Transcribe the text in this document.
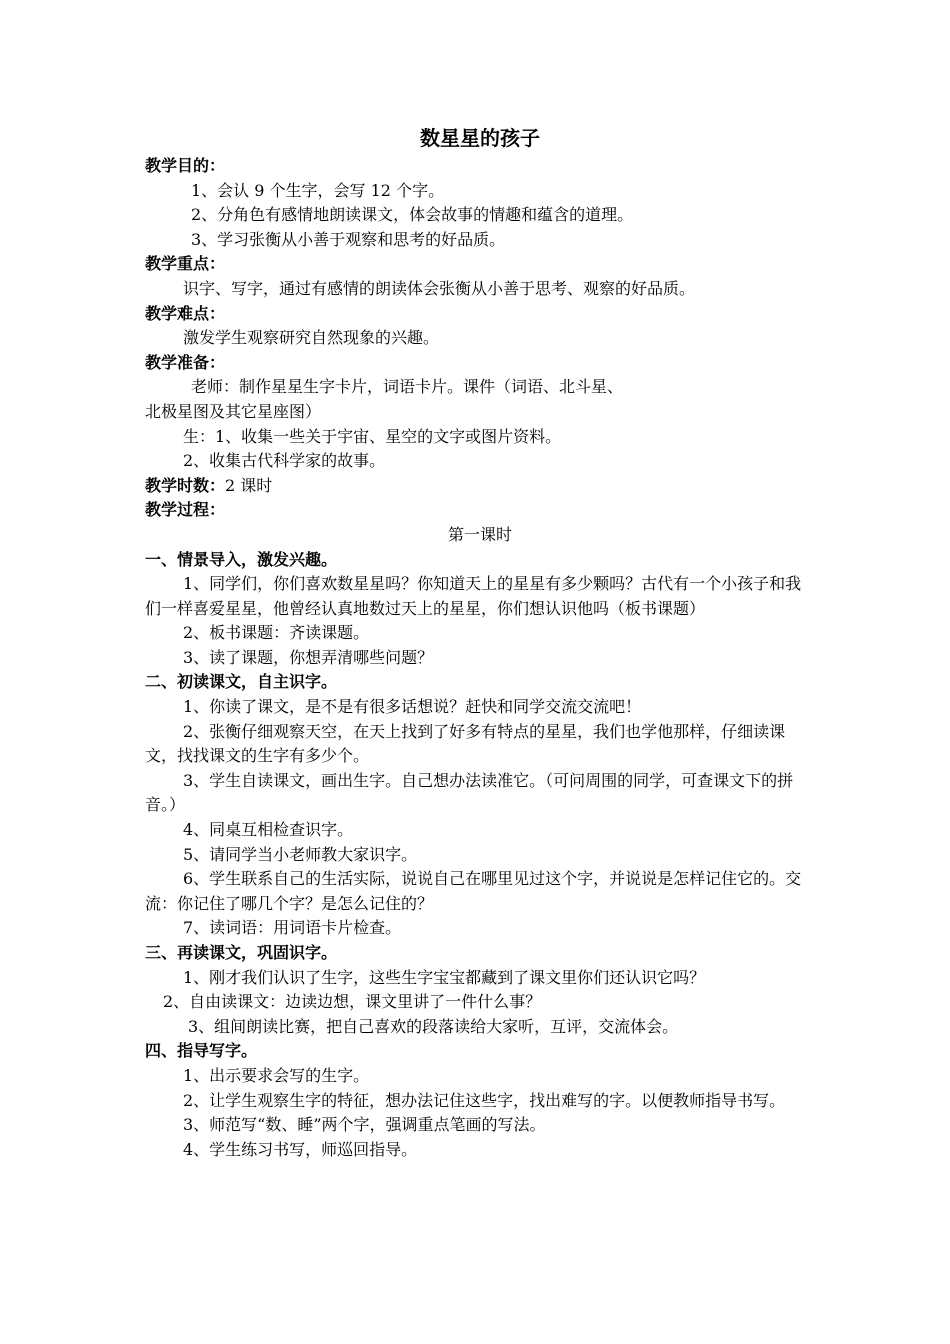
数星星的孩子
教学目的：
1、会认 9 个生字，会写 12 个字。
2、分角色有感情地朗读课文，体会故事的情趣和蕴含的道理。
3、学习张衡从小善于观察和思考的好品质。
教学重点：
识字、写字，通过有感情的朗读体会张衡从小善于思考、观察的好品质。
教学难点：
激发学生观察研究自然现象的兴趣。
教学准备：
老师：制作星星生字卡片，词语卡片。课件（词语、北斗星、
北极星图及其它星座图）
生：1、收集一些关于宇宙、星空的文字或图片资料。
2、收集古代科学家的故事。
教学时数：2 课时
教学过程：
第一课时
一、情景导入，激发兴趣。
1、同学们，你们喜欢数星星吗？你知道天上的星星有多少颗吗？古代有一个小孩子和我们一样喜爱星星，他曾经认真地数过天上的星星，你们想认识他吗（板书课题）
2、板书课题：齐读课题。
3、读了课题，你想弄清哪些问题？
二、初读课文，自主识字。
1、你读了课文，是不是有很多话想说？赶快和同学交流交流吧！
2、张衡仔细观察天空，在天上找到了好多有特点的星星，我们也学他那样，仔细读课文，找找课文的生字有多少个。
3、学生自读课文，画出生字。自己想办法读准它。（可问周围的同学，可查课文下的拼音。）
4、同桌互相检查识字。
5、请同学当小老师教大家识字。
6、学生联系自己的生活实际，说说自己在哪里见过这个字，并说说是怎样记住它的。交流：你记住了哪几个字？是怎么记住的？
7、读词语：用词语卡片检查。
三、再读课文，巩固识字。
1、刚才我们认识了生字，这些生字宝宝都藏到了课文里你们还认识它吗？
2、自由读课文：边读边想，课文里讲了一件什么事？
3、组间朗读比赛，把自己喜欢的段落读给大家听，互评，交流体会。
四、指导写字。
1、出示要求会写的生字。
2、让学生观察生字的特征，想办法记住这些字，找出难写的字。以便教师指导书写。
3、师范写“数、睡”两个字，强调重点笔画的写法。
4、学生练习书写，师巡回指导。
